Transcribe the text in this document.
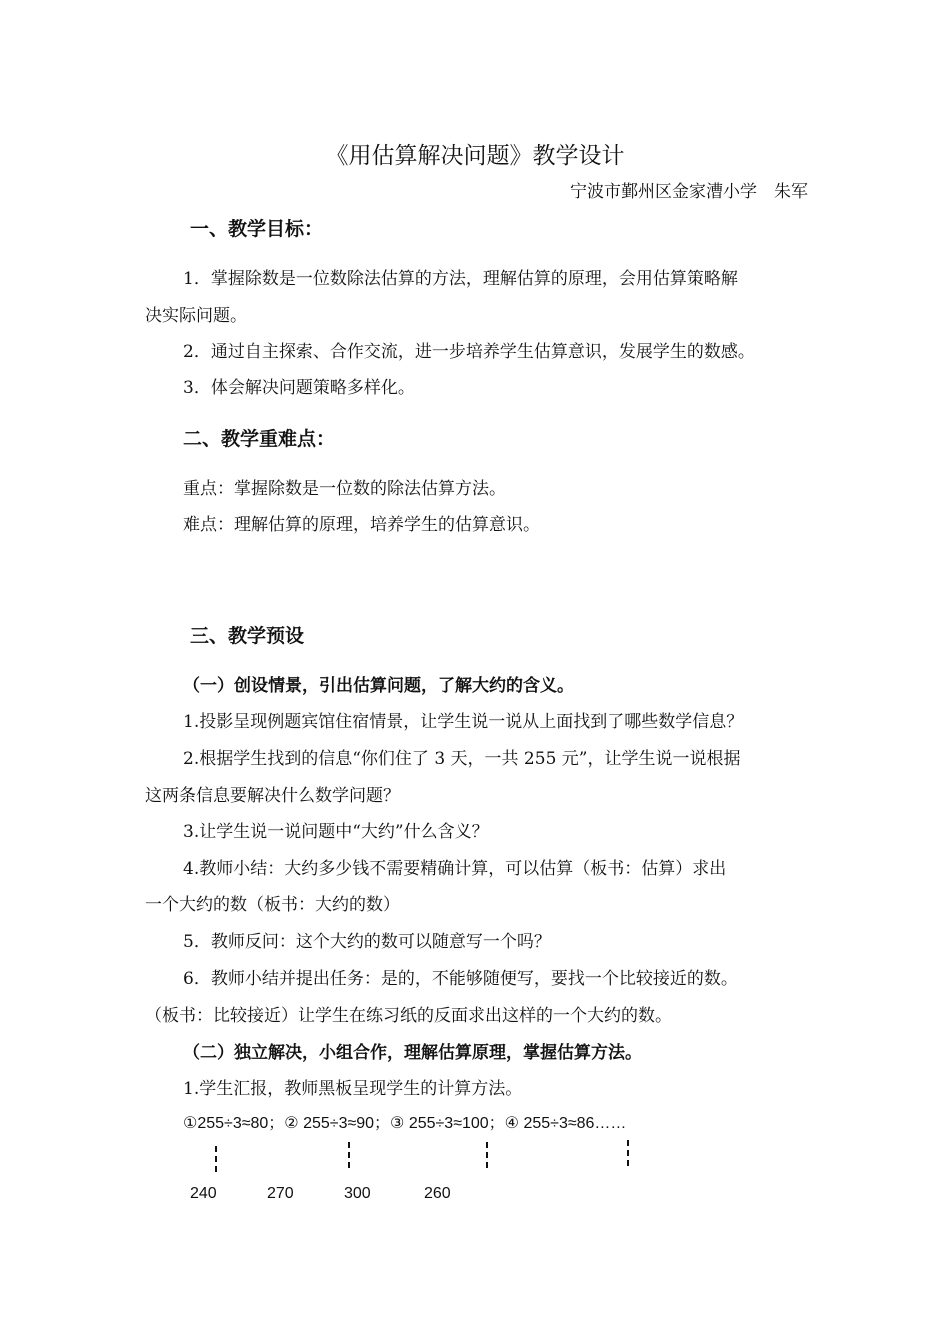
《用估算解决问题》教学设计
宁波市鄞州区金家漕小学　朱军
一、教学目标：
1．掌握除数是一位数除法估算的方法，理解估算的原理，会用估算策略解
决实际问题。
2．通过自主探索、合作交流，进一步培养学生估算意识，发展学生的数感。
3．体会解决问题策略多样化。
二、教学重难点：
重点：掌握除数是一位数的除法估算方法。
难点：理解估算的原理，培养学生的估算意识。
三、教学预设
（一）创设情景，引出估算问题，了解大约的含义。
1.投影呈现例题宾馆住宿情景，让学生说一说从上面找到了哪些数学信息？
2.根据学生找到的信息“你们住了 3 天，一共 255 元”，让学生说一说根据
这两条信息要解决什么数学问题？
3.让学生说一说问题中“大约”什么含义？
4.教师小结：大约多少钱不需要精确计算，可以估算（板书：估算）求出
一个大约的数（板书：大约的数）
5．教师反问：这个大约的数可以随意写一个吗？
6．教师小结并提出任务：是的，不能够随便写，要找一个比较接近的数。
（板书：比较接近）让学生在练习纸的反面求出这样的一个大约的数。
（二）独立解决，小组合作，理解估算原理，掌握估算方法。
1.学生汇报，教师黑板呈现学生的计算方法。
①255÷3≈80；② 255÷3≈90；③ 255÷3≈100；④ 255÷3≈86……
240	270	300	260
